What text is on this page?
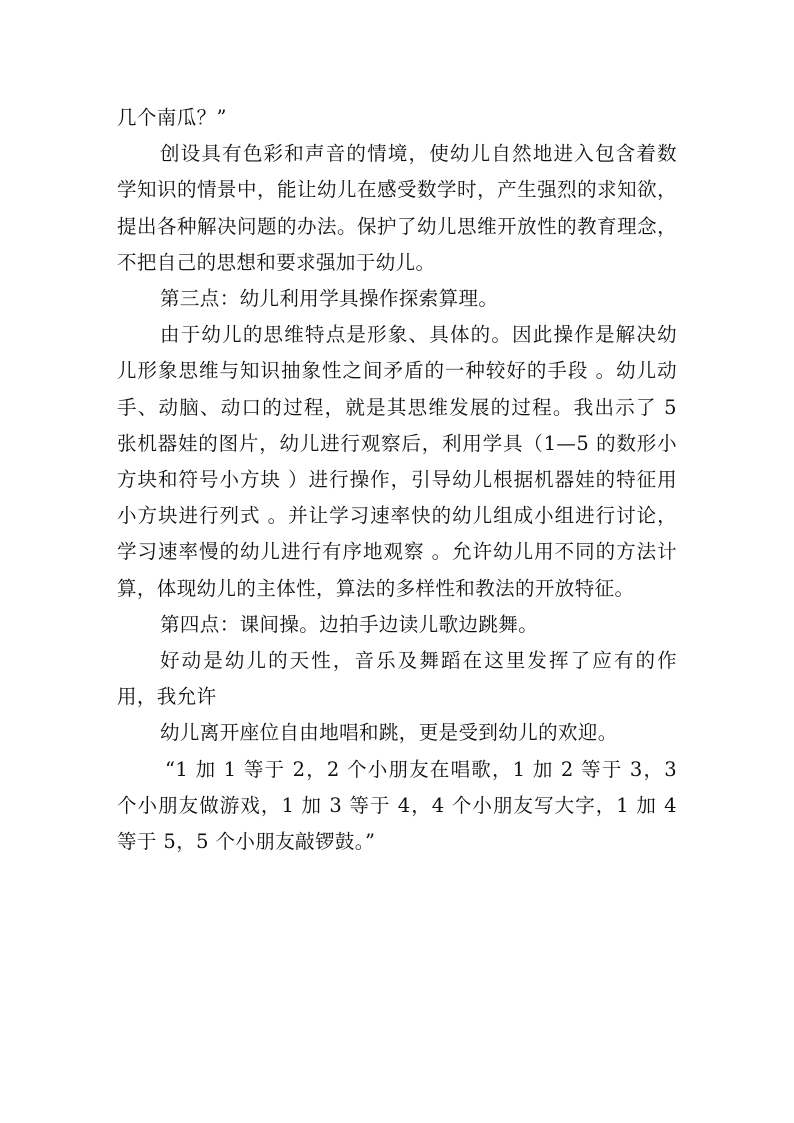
几个南瓜？”

创设具有色彩和声音的情境，使幼儿自然地进入包含着数学知识的情景中，能让幼儿在感受数学时，产生强烈的求知欲，提出各种解决问题的办法。保护了幼儿思维开放性的教育理念，不把自己的思想和要求强加于幼儿。

第三点：幼儿利用学具操作探索算理。

由于幼儿的思维特点是形象、具体的。因此操作是解决幼儿形象思维与知识抽象性之间矛盾的一种较好的手段 。幼儿动手、动脑、动口的过程，就是其思维发展的过程。我出示了 5 张机器娃的图片，幼儿进行观察后，利用学具（1—5 的数形小方块和符号小方块 ）进行操作，引导幼儿根据机器娃的特征用小方块进行列式 。并让学习速率快的幼儿组成小组进行讨论，学习速率慢的幼儿进行有序地观察 。允许幼儿用不同的方法计算，体现幼儿的主体性，算法的多样性和教法的开放特征。

第四点：课间操。边拍手边读儿歌边跳舞。

好动是幼儿的天性，音乐及舞蹈在这里发挥了应有的作用，我允许

幼儿离开座位自由地唱和跳，更是受到幼儿的欢迎。

“1 加 1 等于 2，2 个小朋友在唱歌，1 加 2 等于 3，3 个小朋友做游戏，1 加 3 等于 4，4 个小朋友写大字，1 加 4 等于 5，5 个小朋友敲锣鼓。”
